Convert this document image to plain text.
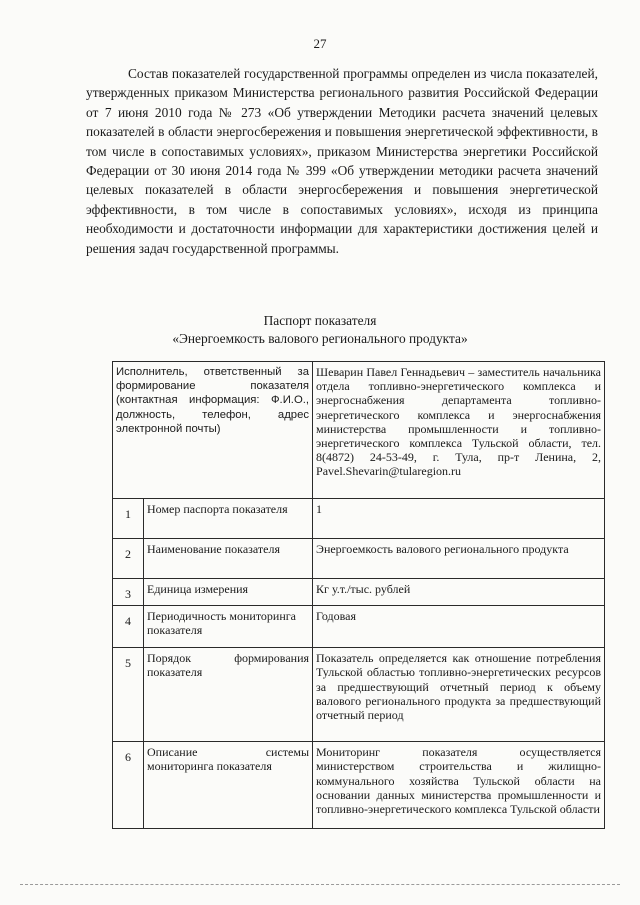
27

Состав показателей государственной программы определен из числа показателей, утвержденных приказом Министерства регионального развития Российской Федерации от 7 июня 2010 года № 273 «Об утверждении Методики расчета значений целевых показателей в области энергосбережения и повышения энергетической эффективности, в том числе в сопоставимых условиях», приказом Министерства энергетики Российской Федерации от 30 июня 2014 года № 399 «Об утверждении методики расчета значений целевых показателей в области энергосбережения и повышения энергетической эффективности, в том числе в сопоставимых условиях», исходя из принципа необходимости и достаточности информации для характеристики достижения целей и решения задач государственной программы.

Паспорт показателя
«Энергоемкость валового регионального продукта»
Исполнитель, ответственный за формирование показателя (контактная информация: Ф.И.О., должность, телефон, адрес электронной почты)		Шеварин Павел Геннадьевич – заместитель начальника отдела топливно-энергетического комплекса и энергоснабжения департамента топливно-энергетического комплекса и энергоснабжения министерства промышленности и топливно-энергетического комплекса Тульской области, тел. 8(4872) 24-53-49, г. Тула, пр-т Ленина, 2, Pavel.Shevarin@tularegion.ru
1	Номер паспорта показателя	1
2	Наименование показателя	Энергоемкость валового регионального продукта
3	Единица измерения	Кг у.т./тыс. рублей
4	Периодичность мониторинга показателя	Годовая
5	Порядок формирования показателя	Показатель определяется как отношение потребления Тульской областью топливно-энергетических ресурсов за предшествующий отчетный период к объему валового регионального продукта за предшествующий отчетный период
6	Описание системы мониторинга показателя	Мониторинг показателя осуществляется министерством строительства и жилищно-коммунального хозяйства Тульской области на основании данных министерства промышленности и топливно-энергетического комплекса Тульской области
